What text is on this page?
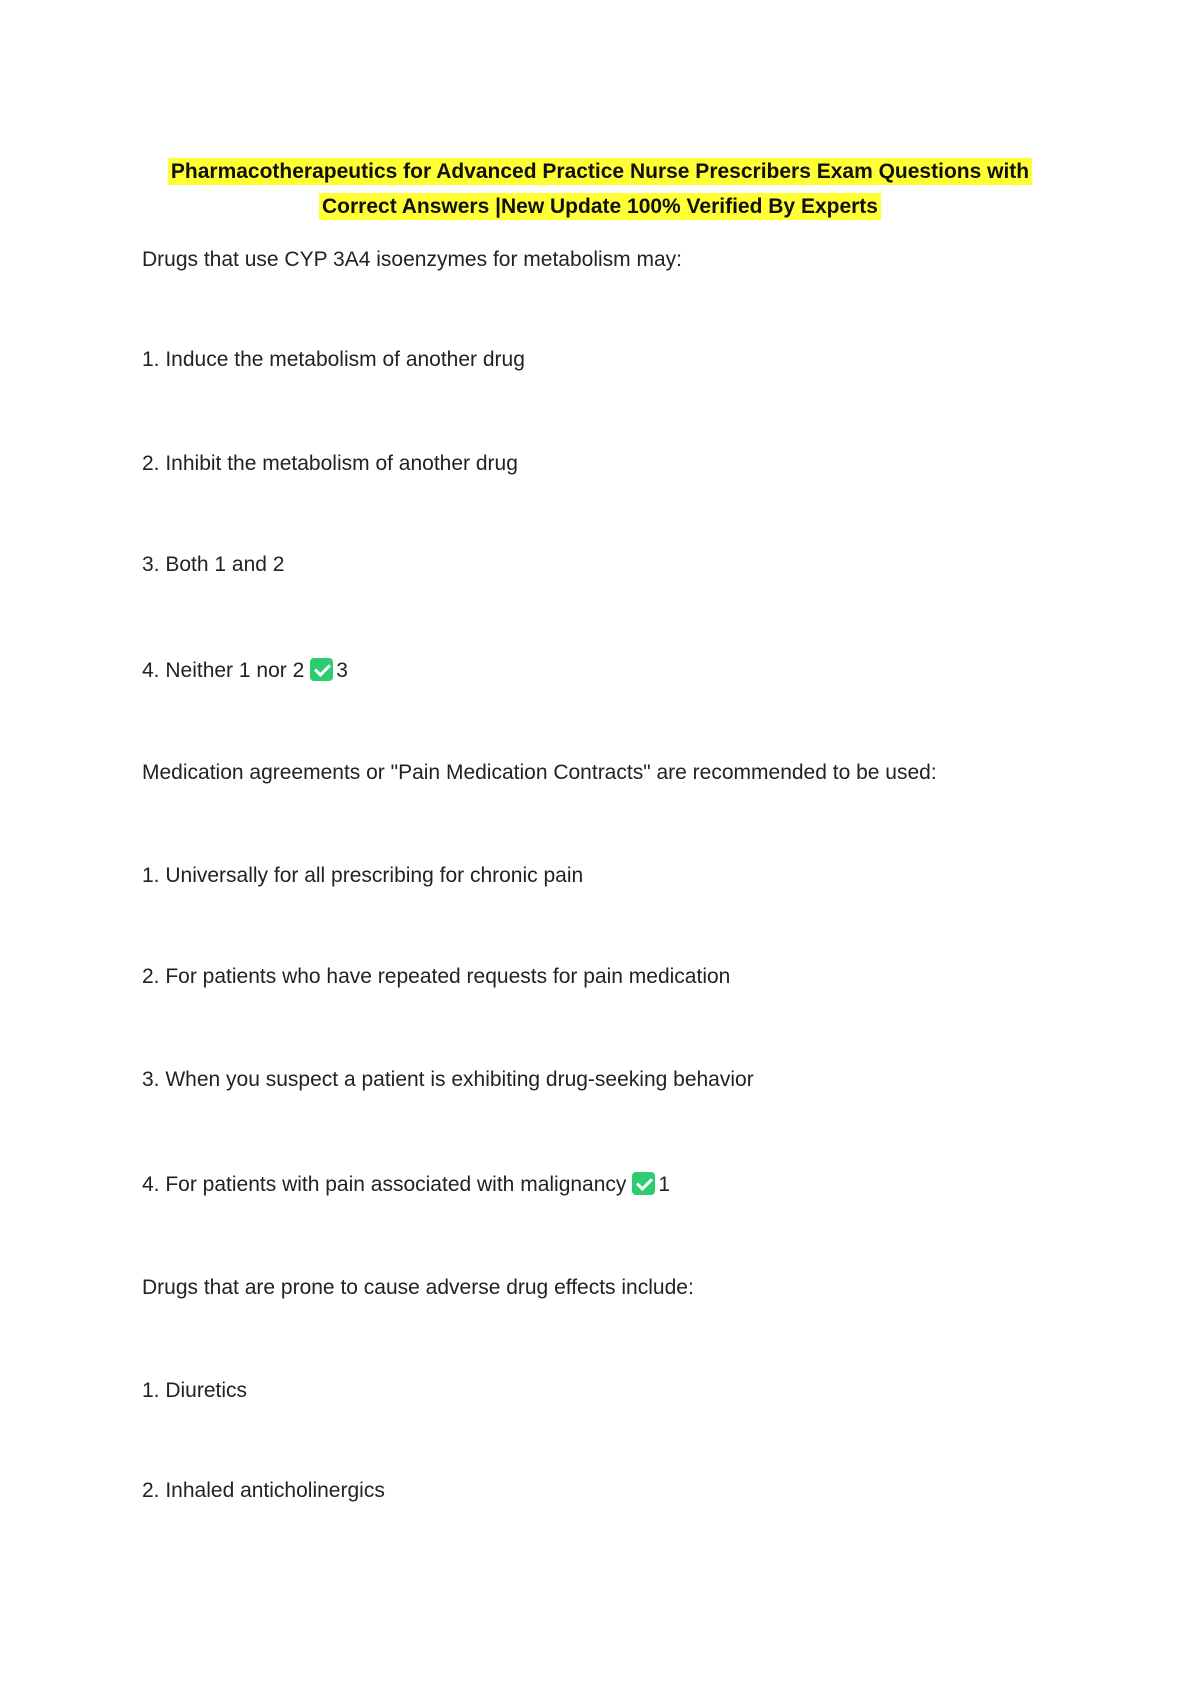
Pharmacotherapeutics for Advanced Practice Nurse Prescribers Exam Questions with Correct Answers |New Update 100% Verified By Experts
Drugs that use CYP 3A4 isoenzymes for metabolism may:
1. Induce the metabolism of another drug
2. Inhibit the metabolism of another drug
3. Both 1 and 2
4. Neither 1 nor 2 3
Medication agreements or "Pain Medication Contracts" are recommended to be used:
1. Universally for all prescribing for chronic pain
2. For patients who have repeated requests for pain medication
3. When you suspect a patient is exhibiting drug-seeking behavior
4. For patients with pain associated with malignancy 1
Drugs that are prone to cause adverse drug effects include:
1. Diuretics
2. Inhaled anticholinergics
